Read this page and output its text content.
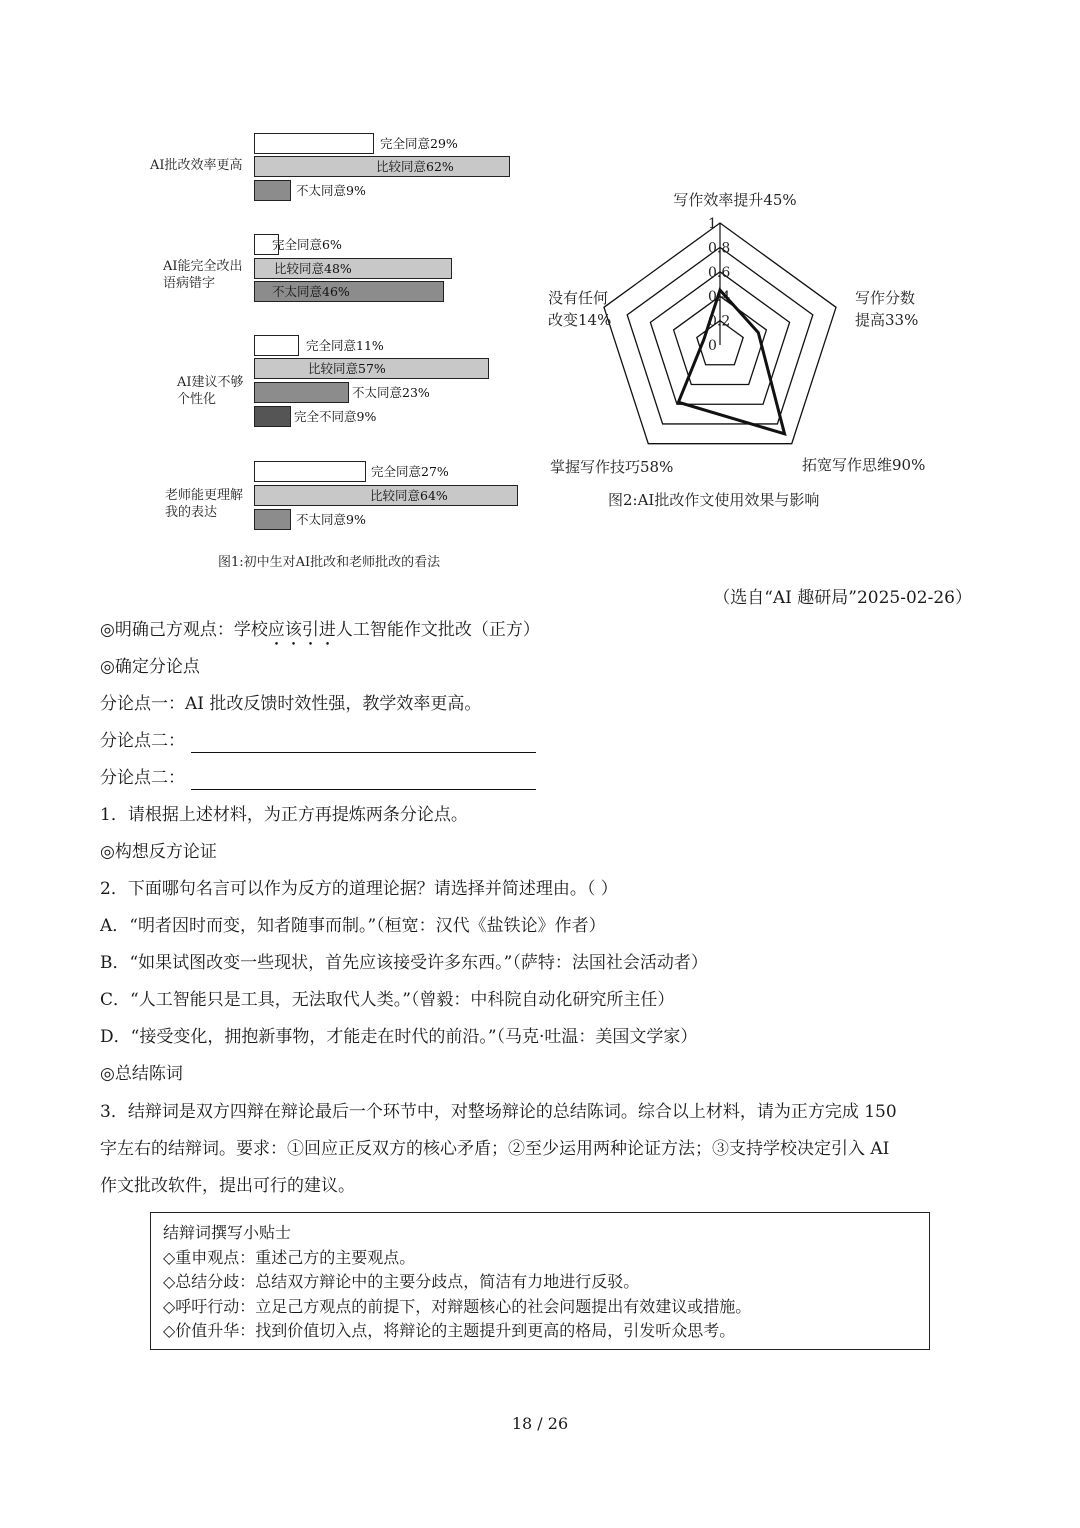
AI批改效率更高
完全同意29%
比较同意62%
不太同意9%
AI能完全改出语病错字
完全同意6%
比较同意48%
不太同意46%
AI建议不够个性化
完全同意11%
比较同意57%
不太同意23%
完全不同意9%
老师能更理解我的表达
完全同意27%
比较同意64%
不太同意9%
图1:初中生对AI批改和老师批改的看法
0
0.2
0.4
0.6
0.8
1
写作效率提升45%
写作分数
提高33%
拓宽写作思维90%
掌握写作技巧58%
没有任何
改变14%
图2:AI批改作文使用效果与影响
（选自“AI 趣研局”2025-02-26）
◎明确己方观点：学校应该引进人工智能作文批改（正方）
◎确定分论点
分论点一：AI 批改反馈时效性强，教学效率更高。
分论点二：
分论点二：
1．请根据上述材料，为正方再提炼两条分论点。
◎构想反方论证
2．下面哪句名言可以作为反方的道理论据？请选择并简述理由。（ ）
A．“明者因时而变，知者随事而制。”（桓宽：汉代《盐铁论》作者）
B．“如果试图改变一些现状，首先应该接受许多东西。”（萨特：法国社会活动者）
C．“人工智能只是工具，无法取代人类。”（曾毅：中科院自动化研究所主任）
D．“接受变化，拥抱新事物，才能走在时代的前沿。”（马克·吐温：美国文学家）
◎总结陈词
3．结辩词是双方四辩在辩论最后一个环节中，对整场辩论的总结陈词。综合以上材料，请为正方完成 150
字左右的结辩词。要求：①回应正反双方的核心矛盾；②至少运用两种论证方法；③支持学校决定引入 AI
作文批改软件，提出可行的建议。
结辩词撰写小贴士
◇重申观点：重述己方的主要观点。
◇总结分歧：总结双方辩论中的主要分歧点，简洁有力地进行反驳。
◇呼吁行动：立足己方观点的前提下，对辩题核心的社会问题提出有效建议或措施。
◇价值升华：找到价值切入点，将辩论的主题提升到更高的格局，引发听众思考。
18 / 26
